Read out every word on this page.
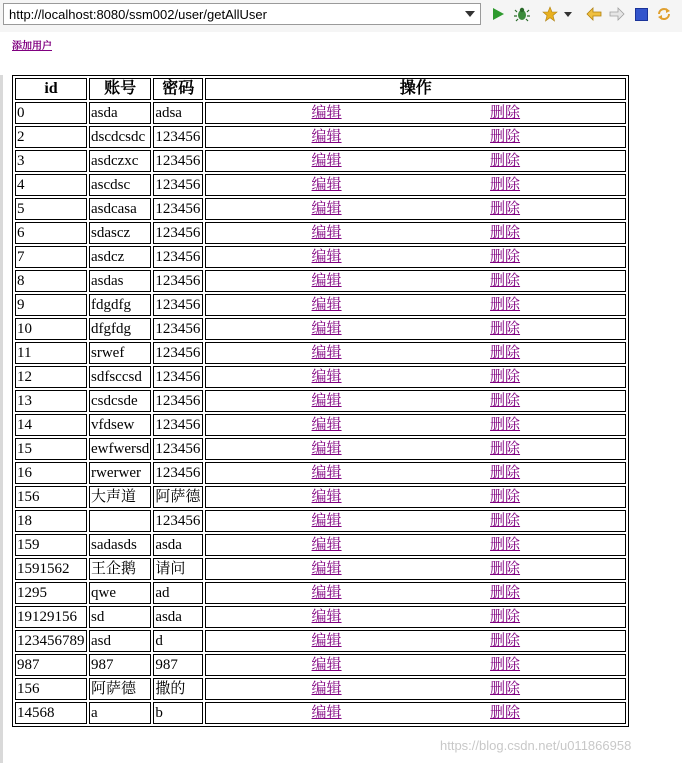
http://localhost:8080/ssm002/user/getAllUser
添加用户
id	账号	密码	操作
0	asda	adsa	编辑 删除

2	dscdcsdc	123456	编辑 删除

3	asdczxc	123456	编辑 删除

4	ascdsc	123456	编辑 删除

5	asdcasa	123456	编辑 删除

6	sdascz	123456	编辑 删除

7	asdcz	123456	编辑 删除

8	asdas	123456	编辑 删除

9	fdgdfg	123456	编辑 删除

10	dfgfdg	123456	编辑 删除

11	srwef	123456	编辑 删除

12	sdfsccsd	123456	编辑 删除

13	csdcsde	123456	编辑 删除

14	vfdsew	123456	编辑 删除

15	ewfwersd	123456	编辑 删除

16	rwerwer	123456	编辑 删除

156	大声道	阿萨德	编辑 删除

18		123456	编辑 删除

159	sadasds	asda	编辑 删除

1591562	王企鹅	请问	编辑 删除

1295	qwe	ad	编辑 删除

19129156	sd	asda	编辑 删除

123456789	asd	d	编辑 删除

987	987	987	编辑 删除

156	阿萨德	撒的	编辑 删除

14568	a	b	编辑 删除
https://blog.csdn.net/u011866958
